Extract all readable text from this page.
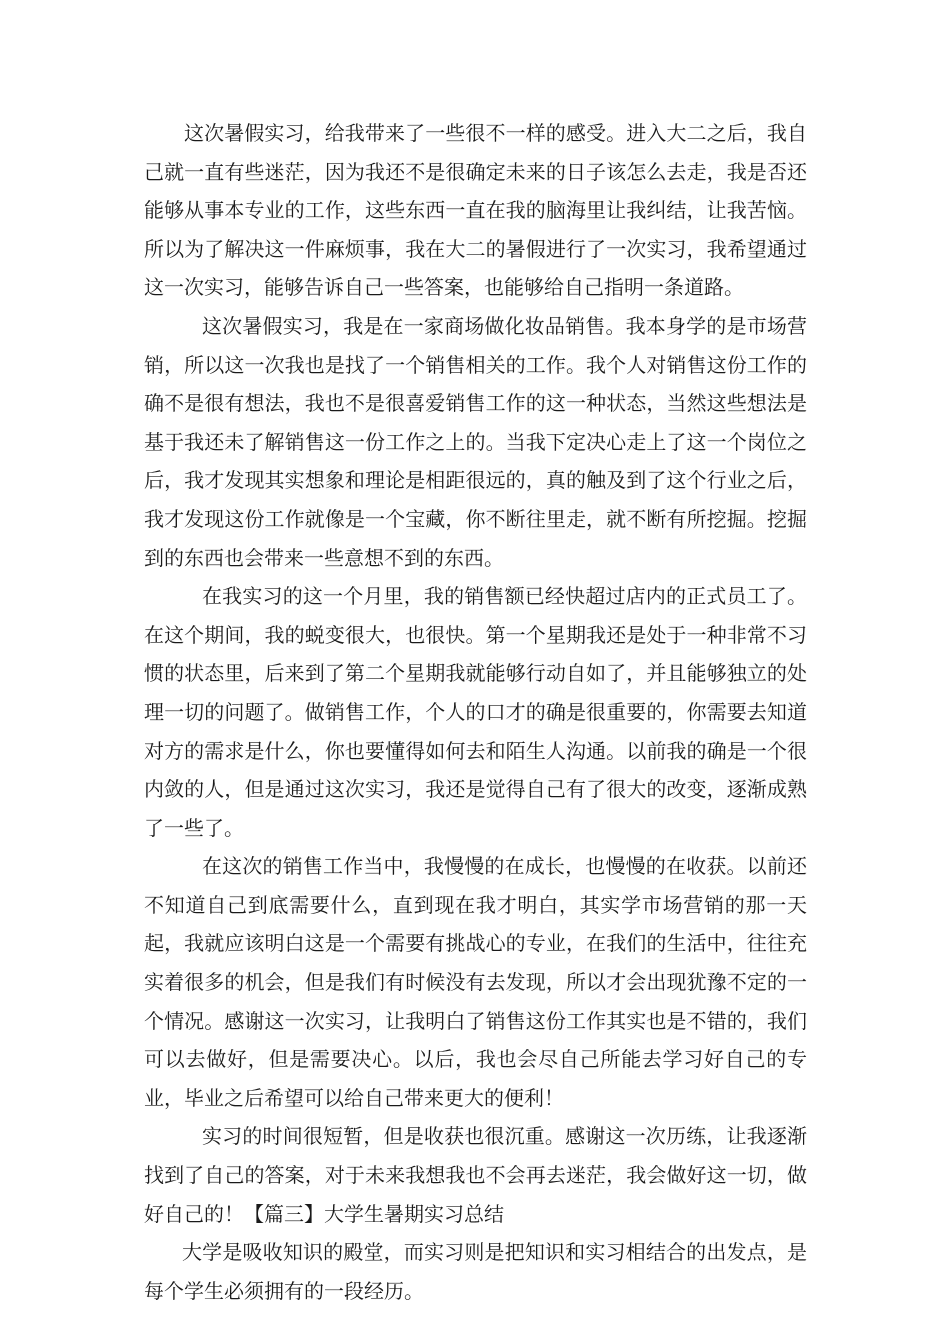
这次暑假实习，给我带来了一些很不一样的感受。进入大二之后，我自己就一直有些迷茫，因为我还不是很确定未来的日子该怎么去走，我是否还能够从事本专业的工作，这些东西一直在我的脑海里让我纠结，让我苦恼。所以为了解决这一件麻烦事，我在大二的暑假进行了一次实习，我希望通过这一次实习，能够告诉自己一些答案，也能够给自己指明一条道路。

这次暑假实习，我是在一家商场做化妆品销售。我本身学的是市场营销，所以这一次我也是找了一个销售相关的工作。我个人对销售这份工作的确不是很有想法，我也不是很喜爱销售工作的这一种状态，当然这些想法是基于我还未了解销售这一份工作之上的。当我下定决心走上了这一个岗位之后，我才发现其实想象和理论是相距很远的，真的触及到了这个行业之后，我才发现这份工作就像是一个宝藏，你不断往里走，就不断有所挖掘。挖掘到的东西也会带来一些意想不到的东西。

在我实习的这一个月里，我的销售额已经快超过店内的正式员工了。在这个期间，我的蜕变很大，也很快。第一个星期我还是处于一种非常不习惯的状态里，后来到了第二个星期我就能够行动自如了，并且能够独立的处理一切的问题了。做销售工作，个人的口才的确是很重要的，你需要去知道对方的需求是什么，你也要懂得如何去和陌生人沟通。以前我的确是一个很内敛的人，但是通过这次实习，我还是觉得自己有了很大的改变，逐渐成熟了一些了。

在这次的销售工作当中，我慢慢的在成长，也慢慢的在收获。以前还不知道自己到底需要什么，直到现在我才明白，其实学市场营销的那一天起，我就应该明白这是一个需要有挑战心的专业，在我们的生活中，往往充实着很多的机会，但是我们有时候没有去发现，所以才会出现犹豫不定的一个情况。感谢这一次实习，让我明白了销售这份工作其实也是不错的，我们可以去做好，但是需要决心。以后，我也会尽自己所能去学习好自己的专业，毕业之后希望可以给自己带来更大的便利！

实习的时间很短暂，但是收获也很沉重。感谢这一次历练，让我逐渐找到了自己的答案，对于未来我想我也不会再去迷茫，我会做好这一切，做好自己的！【篇三】大学生暑期实习总结

大学是吸收知识的殿堂，而实习则是把知识和实习相结合的出发点，是每个学生必须拥有的一段经历。
